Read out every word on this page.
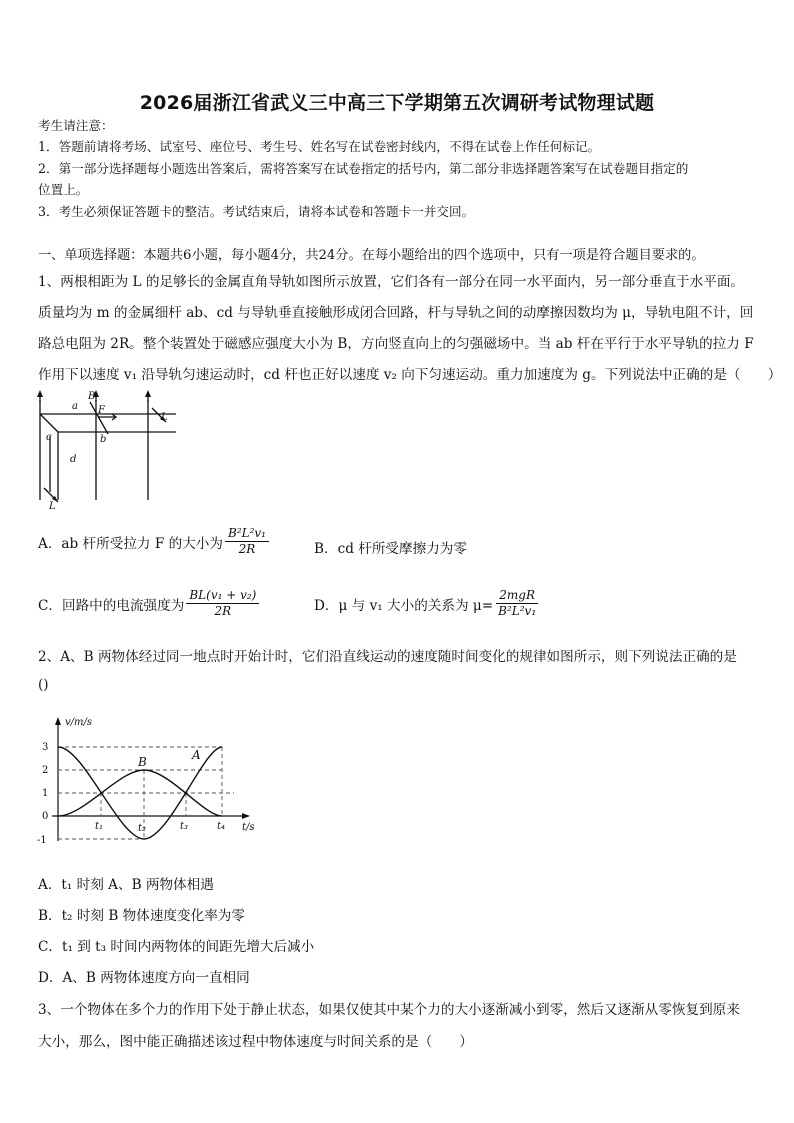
2026届浙江省武义三中高三下学期第五次调研考试物理试题
考生请注意：
1．答题前请将考场、试室号、座位号、考生号、姓名写在试卷密封线内，不得在试卷上作任何标记。
2．第一部分选择题每小题选出答案后，需将答案写在试卷指定的括号内，第二部分非选择题答案写在试卷题目指定的
位置上。
3．考生必须保证答题卡的整洁。考试结束后，请将本试卷和答题卡一并交回。
一、单项选择题：本题共6小题，每小题4分，共24分。在每小题给出的四个选项中，只有一项是符合题目要求的。
1、两根相距为 L 的足够长的金属直角导轨如图所示放置，它们各有一部分在同一水平面内，另一部分垂直于水平面。
质量均为 m 的金属细杆 ab、cd 与导轨垂直接触形成闭合回路，杆与导轨之间的动摩擦因数均为 μ，导轨电阻不计，回
路总电阻为 2R。整个装置处于磁感应强度大小为 B，方向竖直向上的匀强磁场中。当 ab 杆在平行于水平导轨的拉力 F
作用下以速度 v₁ 沿导轨匀速运动时，cd 杆也正好以速度 v₂ 向下匀速运动。重力加速度为 g。下列说法中正确的是（　　）
a
b
c
d
B
F
L
L
A．ab 杆所受拉力 F 的大小为 $\frac{\text{B²L²v₁}}{2R}$	B．cd 杆所受摩擦力为零
C．回路中的电流强度为 $\frac{\text{BL(v₁ + v₂)}}{2R}$	D．μ 与 v₁ 大小的关系为 $\mu= \frac{\text{2mgR}}{\text{B²L²v₁}}$
2、A、B 两物体经过同一地点时开始计时，它们沿直线运动的速度随时间变化的规律如图所示，则下列说法正确的是
()
3
2
1
0
-1
v/m/s
t/s
t₁	t₂	t₃	t₄
A
B
A．t₁ 时刻 A、B 两物体相遇
B．t₂ 时刻 B 物体速度变化率为零
C．t₁ 到 t₃ 时间内两物体的间距先增大后减小
D．A、B 两物体速度方向一直相同
3、一个物体在多个力的作用下处于静止状态，如果仅使其中某个力的大小逐渐减小到零，然后又逐渐从零恢复到原来
大小，那么，图中能正确描述该过程中物体速度与时间关系的是（　　）
